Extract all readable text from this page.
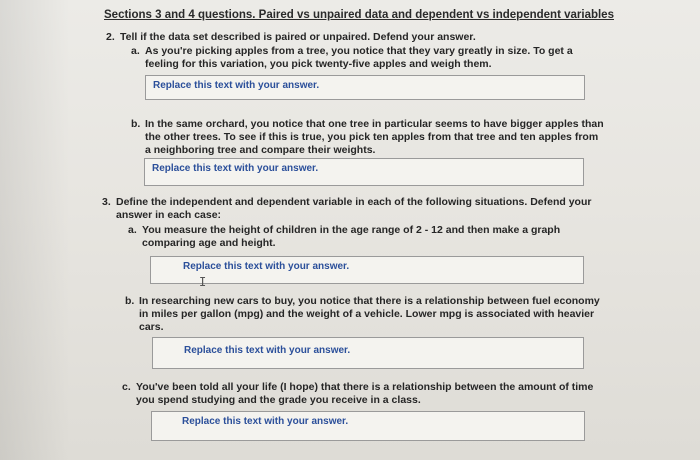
Sections 3 and 4 questions. Paired vs unpaired data and dependent vs independent variables
2. Tell if the data set described is paired or unpaired. Defend your answer.
a. As you're picking apples from a tree, you notice that they vary greatly in size. To get a
feeling for this variation, you pick twenty-five apples and weigh them.
Replace this text with your answer.
b. In the same orchard, you notice that one tree in particular seems to have bigger apples than
the other trees. To see if this is true, you pick ten apples from that tree and ten apples from
a neighboring tree and compare their weights.
Replace this text with your answer.
3. Define the independent and dependent variable in each of the following situations. Defend your
answer in each case:
a. You measure the height of children in the age range of 2 - 12 and then make a graph
comparing age and height.
Replace this text with your answer.
I
b. In researching new cars to buy, you notice that there is a relationship between fuel economy
in miles per gallon (mpg) and the weight of a vehicle. Lower mpg is associated with heavier
cars.
Replace this text with your answer.
c. You've been told all your life (I hope) that there is a relationship between the amount of time
you spend studying and the grade you receive in a class.
Replace this text with your answer.
